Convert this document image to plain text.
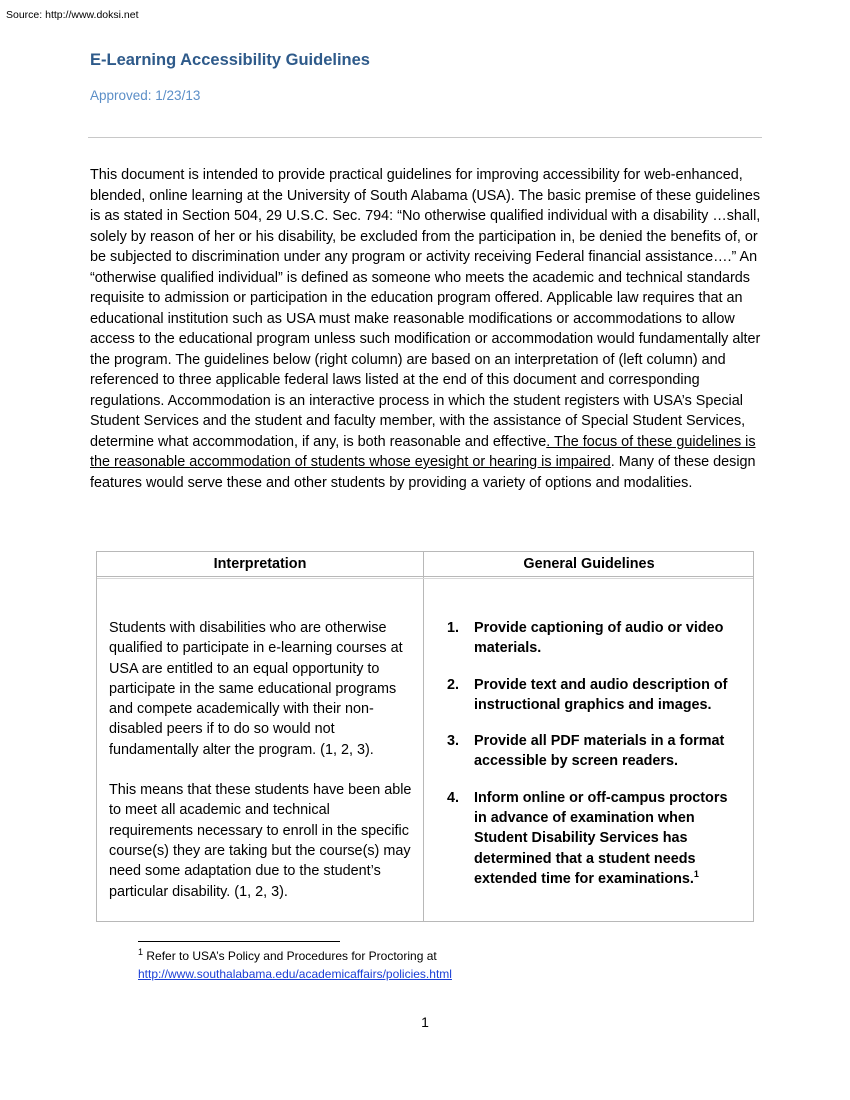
Source: http://www.doksi.net
E-Learning Accessibility Guidelines
Approved: 1/23/13
This document is intended to provide practical guidelines for improving accessibility for web-enhanced, blended, online learning at the University of South Alabama (USA). The basic premise of these guidelines is as stated in Section 504, 29 U.S.C. Sec. 794: “No otherwise qualified individual with a disability …shall, solely by reason of her or his disability, be excluded from the participation in, be denied the benefits of, or be subjected to discrimination under any program or activity receiving Federal financial assistance….” An “otherwise qualified individual” is defined as someone who meets the academic and technical standards requisite to admission or participation in the education program offered. Applicable law requires that an educational institution such as USA must make reasonable modifications or accommodations to allow access to the educational program unless such modification or accommodation would fundamentally alter the program. The guidelines below (right column) are based on an interpretation of (left column) and referenced to three applicable federal laws listed at the end of this document and corresponding regulations. Accommodation is an interactive process in which the student registers with USA’s Special Student Services and the student and faculty member, with the assistance of Special Student Services, determine what accommodation, if any, is both reasonable and effective. The focus of these guidelines is the reasonable accommodation of students whose eyesight or hearing is impaired. Many of these design features would serve these and other students by providing a variety of options and modalities.
Interpretation	General Guidelines

Students with disabilities who are otherwise qualified to participate in e-learning courses at USA are entitled to an equal opportunity to participate in the same educational programs and compete academically with their non-disabled peers if to do so would not fundamentally alter the program. (1, 2, 3).

This means that these students have been able to meet all academic and technical requirements necessary to enroll in the specific course(s) they are taking but the course(s) may need some adaptation due to the student’s particular disability. (1, 2, 3).

1. Provide captioning of audio or video materials.
2. Provide text and audio description of instructional graphics and images.
3. Provide all PDF materials in a format accessible by screen readers.
4. Inform online or off-campus proctors in advance of examination when Student Disability Services has determined that a student needs extended time for examinations.$^1$
$^1$ Refer to USA’s Policy and Procedures for Proctoring at
http://www.southalabama.edu/academicaffairs/policies.html
1
